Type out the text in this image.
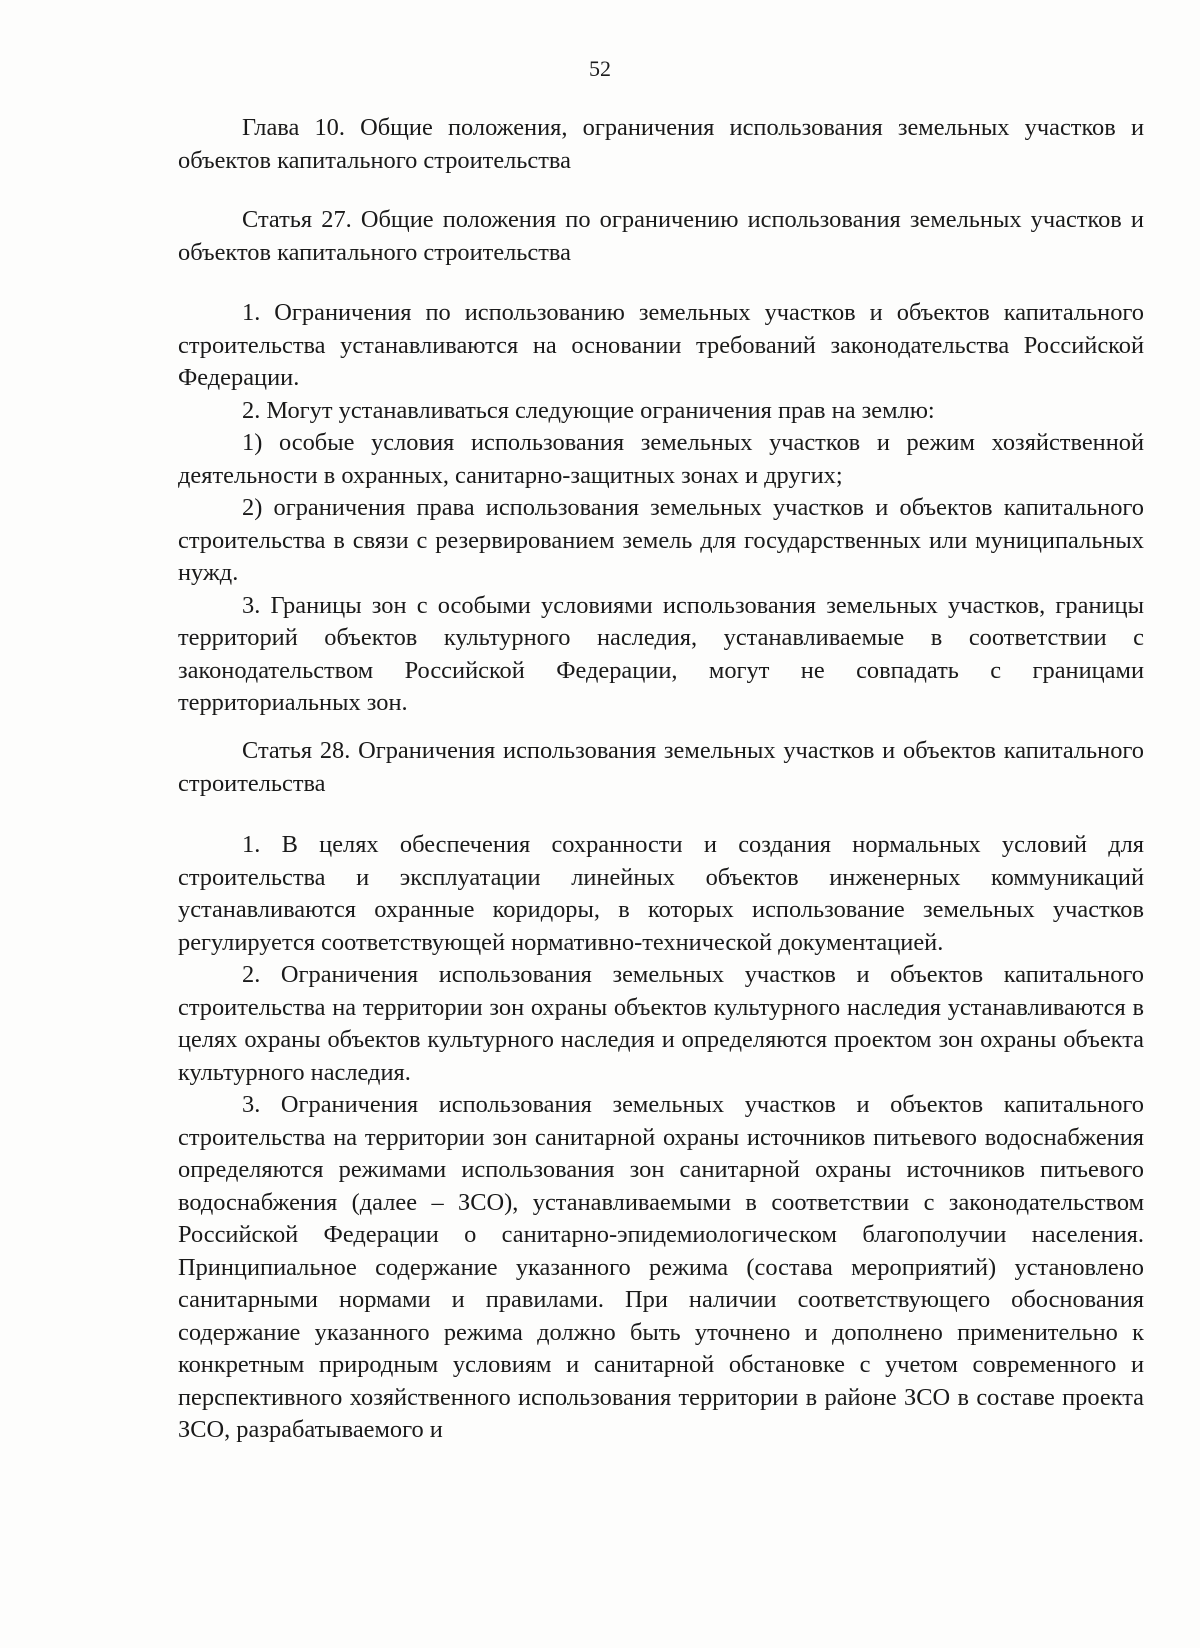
52

Глава 10. Общие положения, ограничения использования земельных участков и объектов капитального строительства

Статья 27. Общие положения по ограничению использования земельных участков и объектов капитального строительства

1. Ограничения по использованию земельных участков и объектов капитального строительства устанавливаются на основании требований законодательства Российской Федерации.

2. Могут устанавливаться следующие ограничения прав на землю:

1) особые условия использования земельных участков и режим хозяйственной деятельности в охранных, санитарно-защитных зонах и других;

2) ограничения права использования земельных участков и объектов капитального строительства в связи с резервированием земель для государственных или муниципальных нужд.

3. Границы зон с особыми условиями использования земельных участков, границы территорий объектов культурного наследия, устанавливаемые в соответствии с законодательством Российской Федерации, могут не совпадать с границами территориальных зон.

Статья 28. Ограничения использования земельных участков и объектов капитального строительства

1. В целях обеспечения сохранности и создания нормальных условий для строительства и эксплуатации линейных объектов инженерных коммуникаций устанавливаются охранные коридоры, в которых использование земельных участков регулируется соответствующей нормативно-технической документацией.

2. Ограничения использования земельных участков и объектов капитального строительства на территории зон охраны объектов культурного наследия устанавливаются в целях охраны объектов культурного наследия и определяются проектом зон охраны объекта культурного наследия.

3. Ограничения использования земельных участков и объектов капитального строительства на территории зон санитарной охраны источников питьевого водоснабжения определяются режимами использования зон санитарной охраны источников питьевого водоснабжения (далее – ЗСО), устанавливаемыми в соответствии с законодательством Российской Федерации о санитарно-эпидемиологическом благополучии населения. Принципиальное содержание указанного режима (состава мероприятий) установлено санитарными нормами и правилами. При наличии соответствующего обоснования содержание указанного режима должно быть уточнено и дополнено применительно к конкретным природным условиям и санитарной обстановке с учетом современного и перспективного хозяйственного использования территории в районе ЗСО в составе проекта ЗСО, разрабатываемого и
